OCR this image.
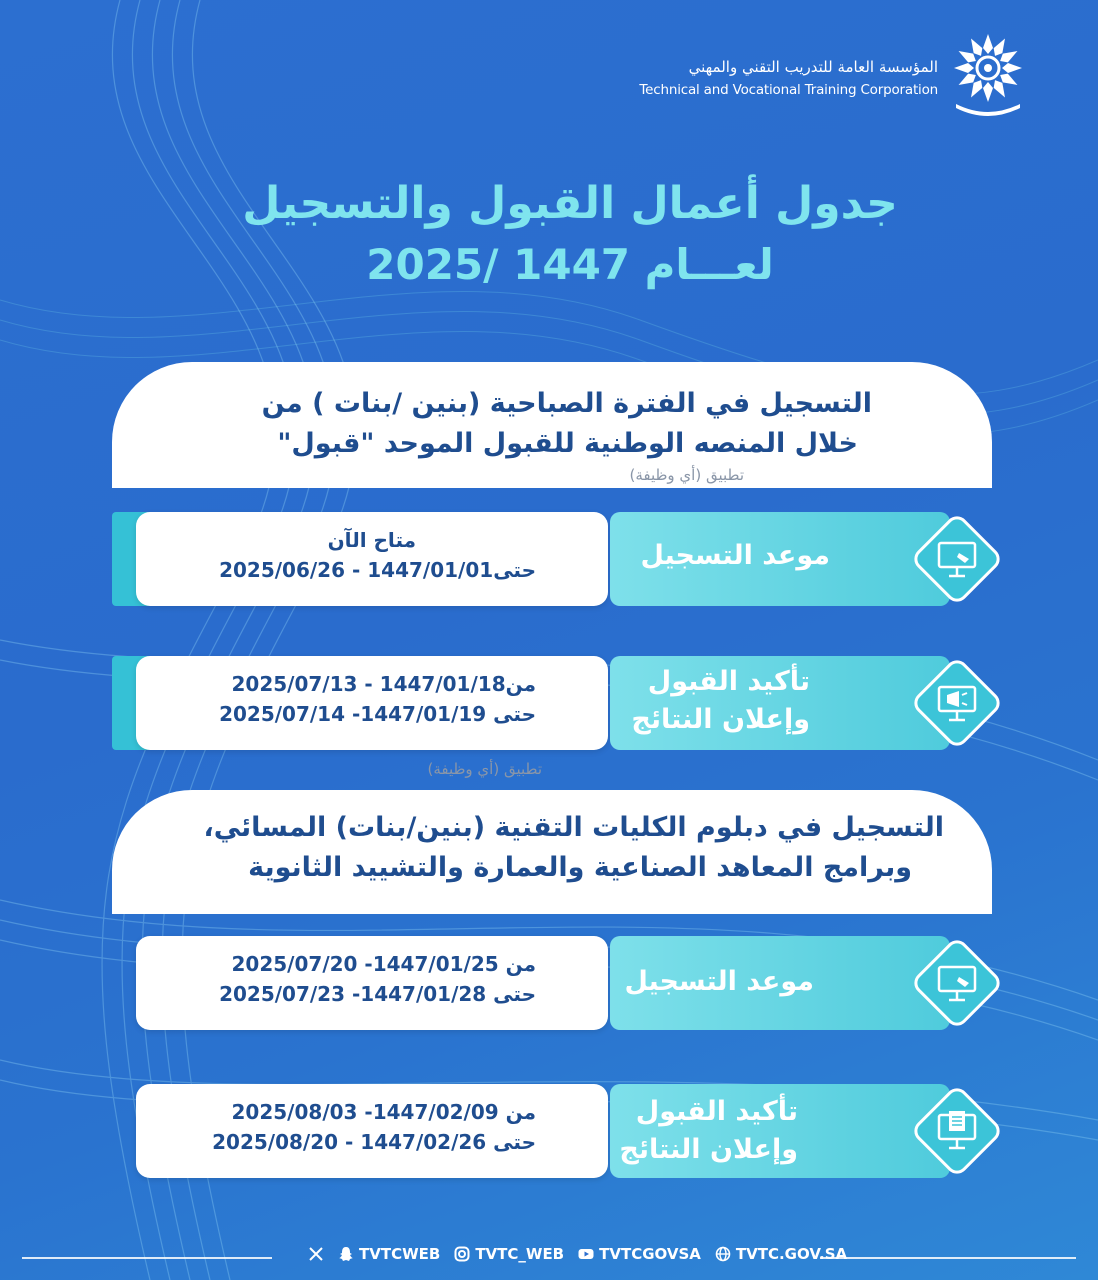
المؤسسة العامة للتدريب التقني والمهني
Technical and Vocational Training Corporation
جدول أعمال القبول والتسجيل
لعـــام 1447 /2025
التسجيل في الفترة الصباحية (بنين /بنات ) من
خلال المنصه الوطنية للقبول الموحد "قبول"
تطبيق (أي وظيفة)
متاح الآن
حتى1447/01/01 - 2025/06/26	موعد التسجيل
من1447/01/18 - 2025/07/13
حتى 1447/01/19- 2025/07/14
تأكيد القبول
وإعلان النتائج
تطبيق (أي وظيفة)
التسجيل في دبلوم الكليات التقنية (بنين/بنات) المسائي،
وبرامج المعاهد الصناعية والعمارة والتشييد الثانوية
من 1447/01/25- 2025/07/20
حتى 1447/01/28- 2025/07/23	موعد التسجيل
من 1447/02/09- 2025/08/03
حتى 1447/02/26 - 2025/08/20
تأكيد القبول
وإعلان النتائج
TVTCWEB TVTC_WEB TVTCGOVSA TVTC.GOV.SA
